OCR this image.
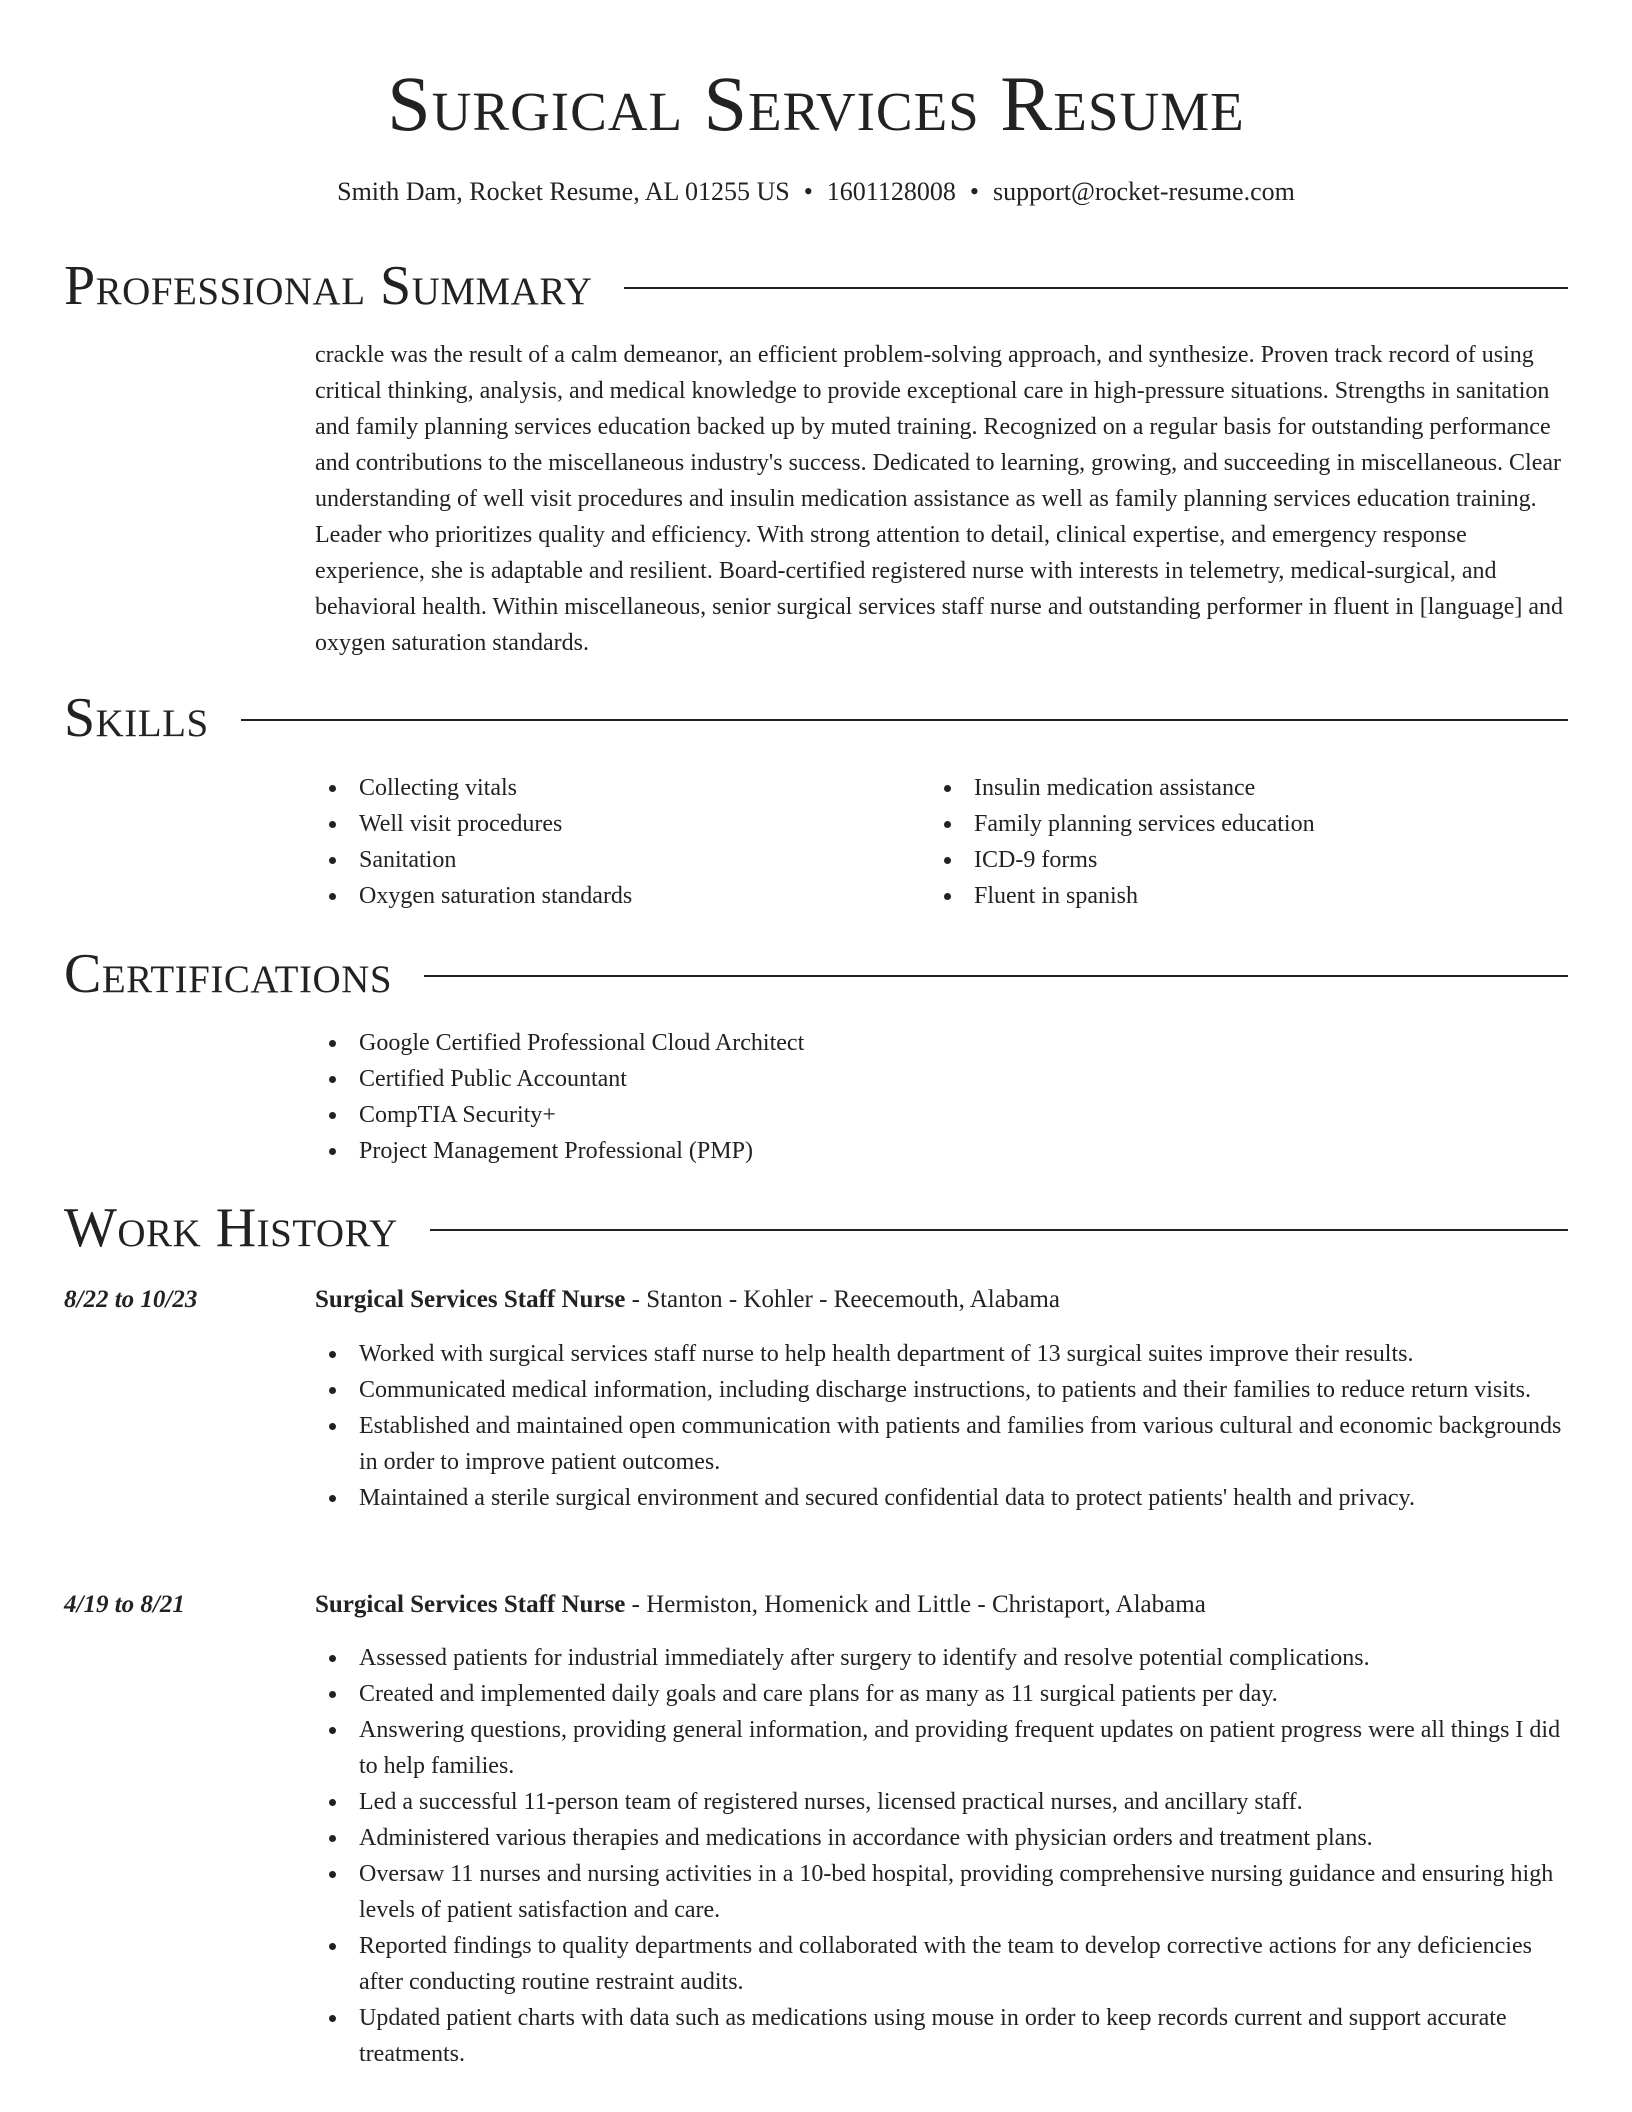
Surgical Services Resume
Smith Dam, Rocket Resume, AL 01255 US • 1601128008 • support@rocket-resume.com
Professional Summary
crackle was the result of a calm demeanor, an efficient problem-solving approach, and synthesize. Proven track record of using critical thinking, analysis, and medical knowledge to provide exceptional care in high-pressure situations. Strengths in sanitation and family planning services education backed up by muted training. Recognized on a regular basis for outstanding performance and contributions to the miscellaneous industry's success. Dedicated to learning, growing, and succeeding in miscellaneous. Clear understanding of well visit procedures and insulin medication assistance as well as family planning services education training. Leader who prioritizes quality and efficiency. With strong attention to detail, clinical expertise, and emergency response experience, she is adaptable and resilient. Board-certified registered nurse with interests in telemetry, medical-surgical, and behavioral health. Within miscellaneous, senior surgical services staff nurse and outstanding performer in fluent in [language] and oxygen saturation standards.
Skills
Collecting vitals
Well visit procedures
Sanitation
Oxygen saturation standards
Insulin medication assistance
Family planning services education
ICD-9 forms
Fluent in spanish
Certifications
Google Certified Professional Cloud Architect
Certified Public Accountant
CompTIA Security+
Project Management Professional (PMP)
Work History
8/22 to 10/23	Surgical Services Staff Nurse - Stanton - Kohler - Reecemouth, Alabama
Worked with surgical services staff nurse to help health department of 13 surgical suites improve their results.
Communicated medical information, including discharge instructions, to patients and their families to reduce return visits.
Established and maintained open communication with patients and families from various cultural and economic backgrounds in order to improve patient outcomes.
Maintained a sterile surgical environment and secured confidential data to protect patients' health and privacy.
4/19 to 8/21	Surgical Services Staff Nurse - Hermiston, Homenick and Little - Christaport, Alabama
Assessed patients for industrial immediately after surgery to identify and resolve potential complications.
Created and implemented daily goals and care plans for as many as 11 surgical patients per day.
Answering questions, providing general information, and providing frequent updates on patient progress were all things I did to help families.
Led a successful 11-person team of registered nurses, licensed practical nurses, and ancillary staff.
Administered various therapies and medications in accordance with physician orders and treatment plans.
Oversaw 11 nurses and nursing activities in a 10-bed hospital, providing comprehensive nursing guidance and ensuring high levels of patient satisfaction and care.
Reported findings to quality departments and collaborated with the team to develop corrective actions for any deficiencies after conducting routine restraint audits.
Updated patient charts with data such as medications using mouse in order to keep records current and support accurate treatments.
